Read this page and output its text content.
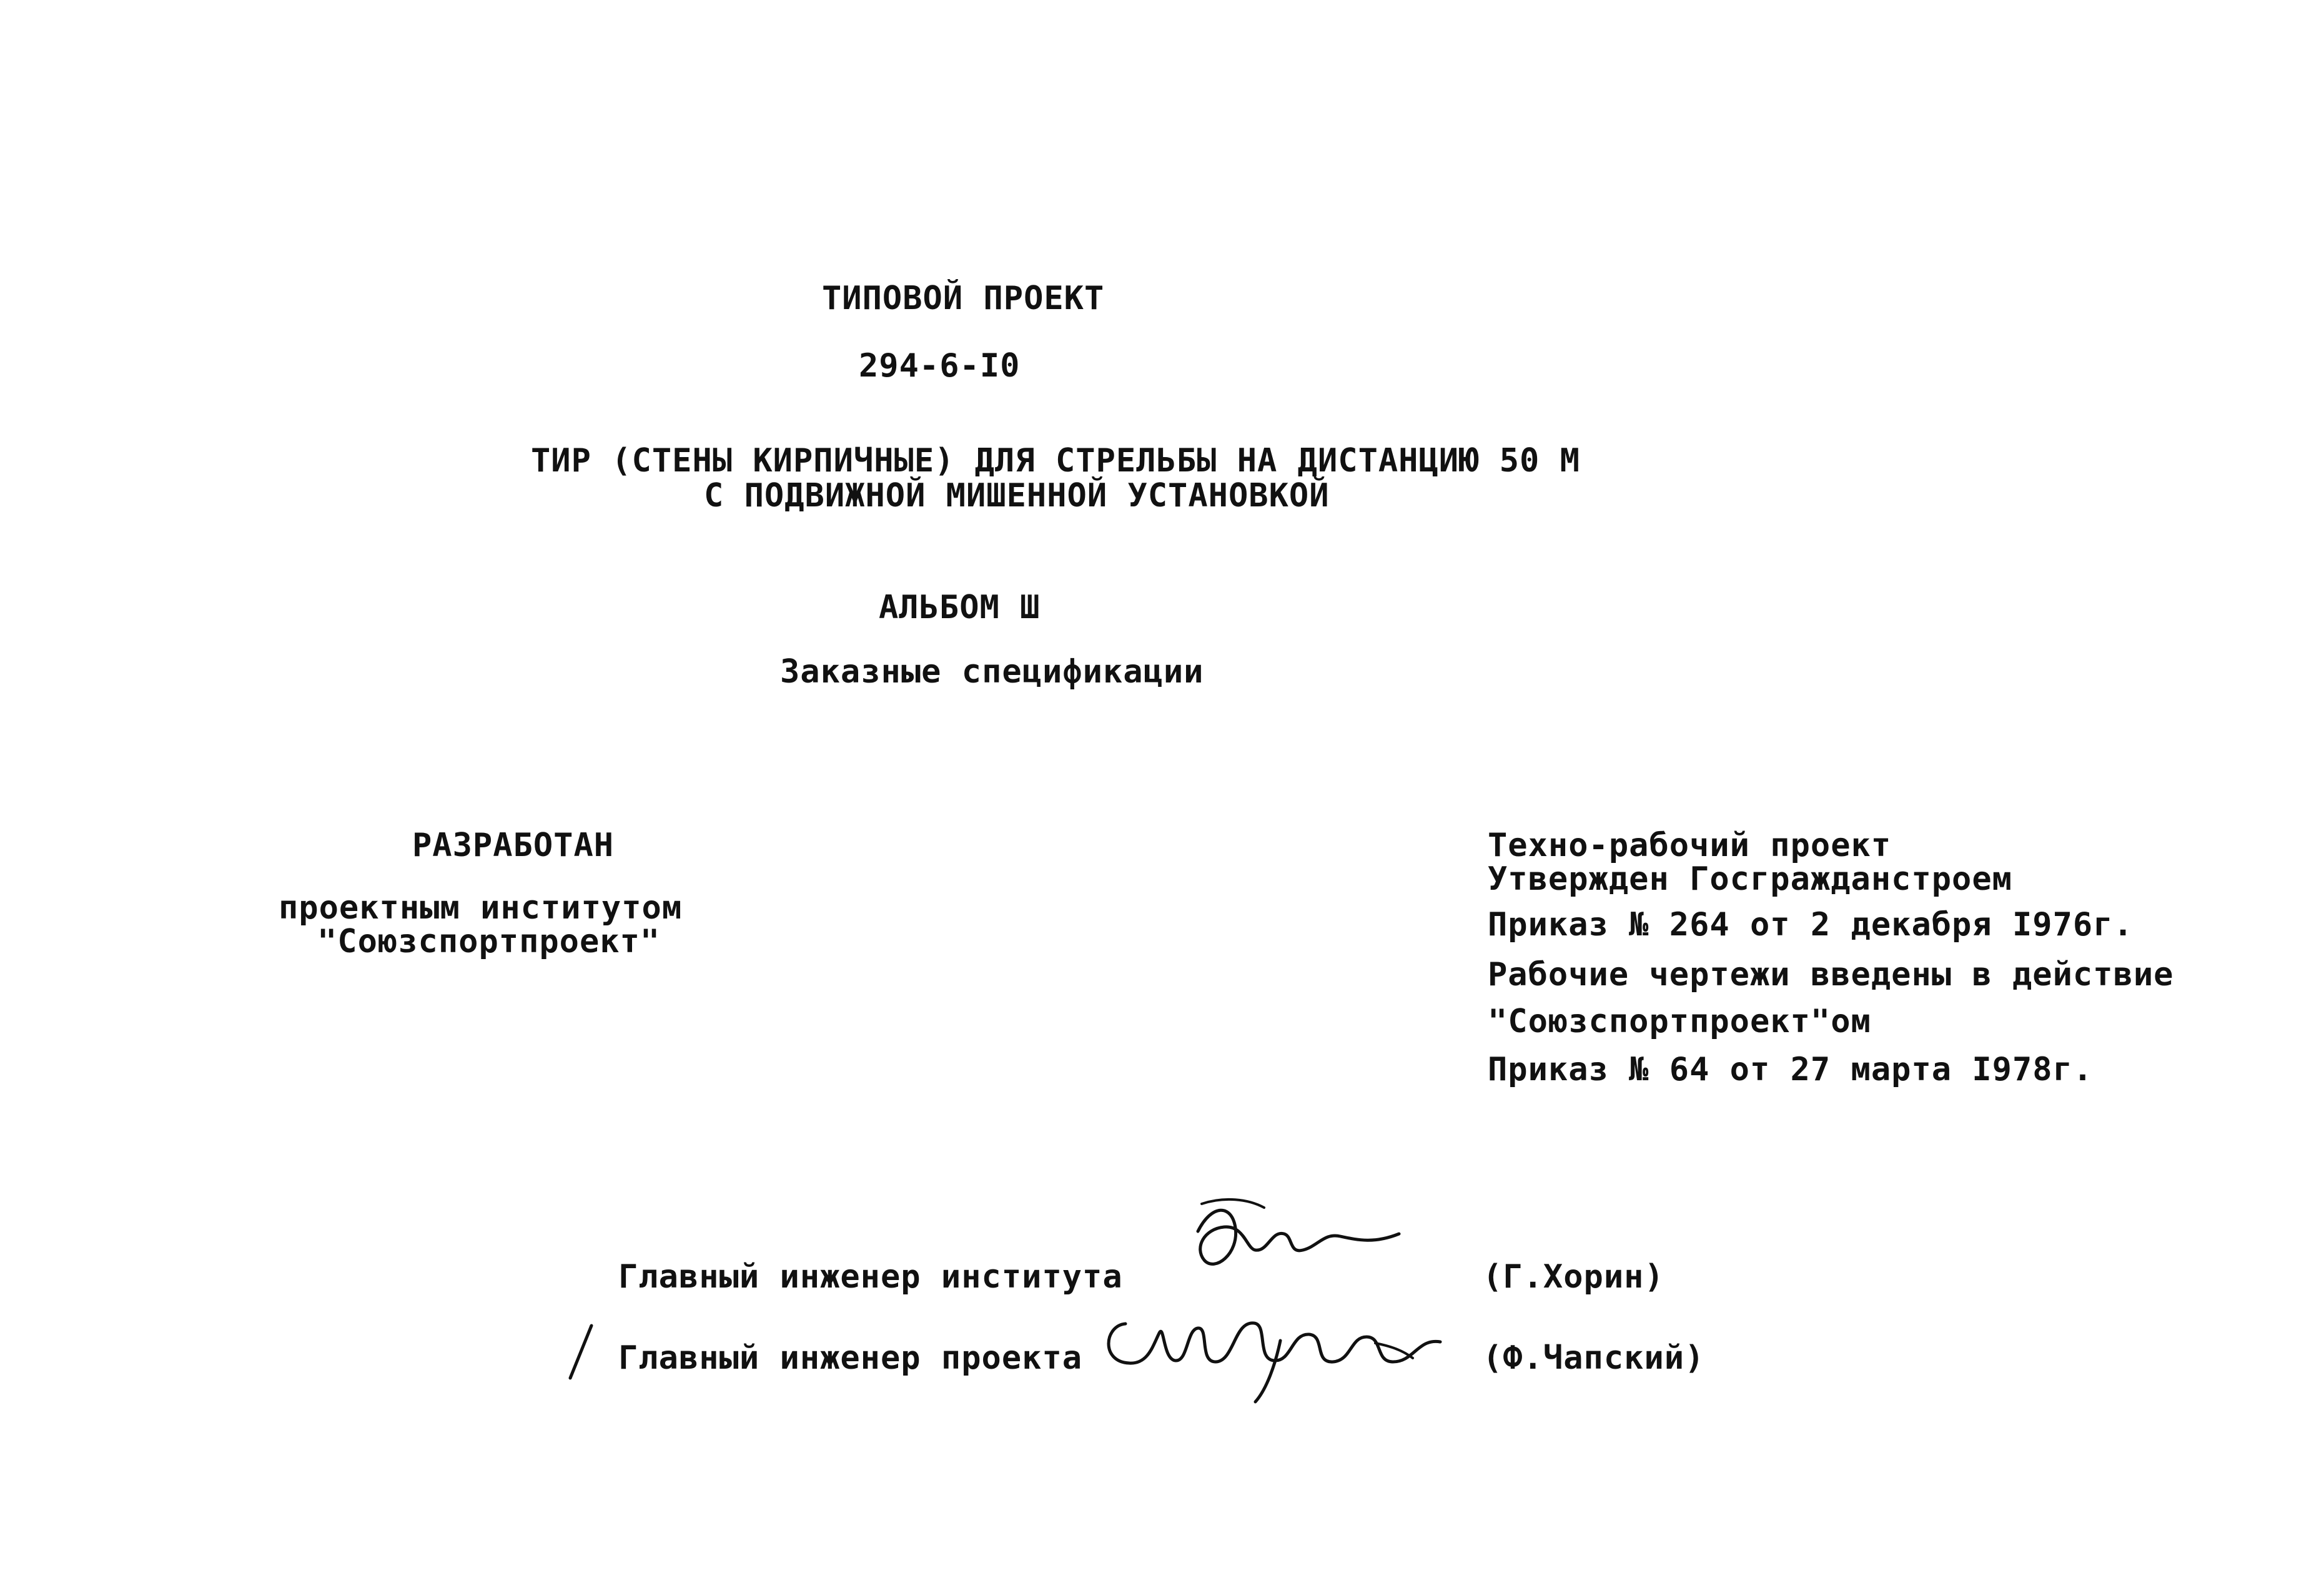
ТИПОВОЙ ПРОЕКТ
294-6-I0
ТИР (СТЕНЫ КИРПИЧНЫЕ) ДЛЯ СТРЕЛЬБЫ НА ДИСТАНЦИЮ 50 М
С ПОДВИЖНОЙ МИШЕННОЙ УСТАНОВКОЙ
АЛЬБОМ Ш
Заказные спецификации
РАЗРАБОТАН
проектным институтом
"Союзспортпроект"
Техно-рабочий проект
Утвержден Госгражданстроем
Приказ № 264 от 2 декабря I976г.
Рабочие чертежи введены в действие
"Союзспортпроект"ом
Приказ № 64 от 27 марта I978г.
Главный инженер института	(Г.Хорин)
Главный инженер проекта	(Ф.Чапский)
